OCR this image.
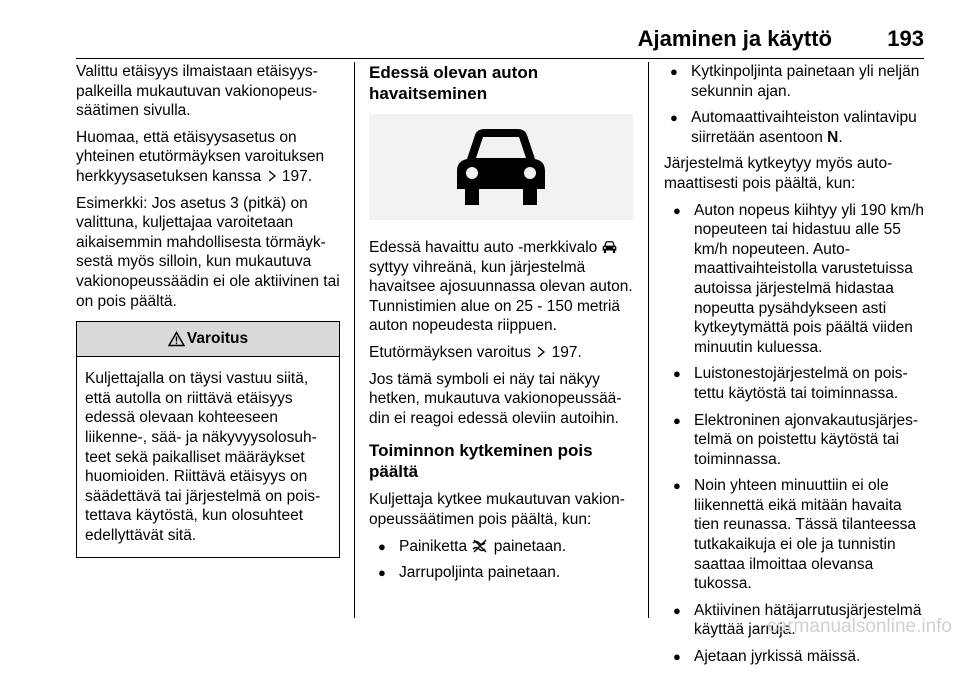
Ajaminen ja käyttö	193

Valittu etäisyys ilmaistaan etäisyyspalkeilla mukautuvan vakionopeussäätimen sivulla.

Huomaa, että etäisyysasetus on yhteinen etutörmäyksen varoituksen herkkyysasetuksen kanssa 197.

Esimerkki: Jos asetus 3 (pitkä) on valittuna, kuljettajaa varoitetaan aikaisemmin mahdollisesta törmäyksestä myös silloin, kun mukautuva vakionopeussäädin ei ole aktiivinen tai on pois päältä.

Varoitus

Kuljettajalla on täysi vastuu siitä, että autolla on riittävä etäisyys edessä olevaan kohteeseen liikenne-, sää- ja näkyvyysolosuhteet sekä paikalliset määräykset huomioiden. Riittävä etäisyys on säädettävä tai järjestelmä on poistettava käytöstä, kun olosuhteet edellyttävät sitä.

Edessä olevan auton havaitseminen

Edessä havaittu auto -merkkivalo  syttyy vihreänä, kun järjestelmä havaitsee ajosuunnassa olevan auton. Tunnistimien alue on 25 - 150 metriä auton nopeudesta riippuen.

Etutörmäyksen varoitus 197.

Jos tämä symboli ei näy tai näkyy hetken, mukautuva vakionopeussäädin ei reagoi edessä oleviin autoihin.

Toiminnon kytkeminen pois päältä

Kuljettaja kytkee mukautuvan vakionopeussäätimen pois päältä, kun:

● Painiketta painetaan.
● Jarrupoljinta painetaan.
● Kytkinpoljinta painetaan yli neljän sekunnin ajan.
● Automaattivaihteiston valintavipu siirretään asentoon N.

Järjestelmä kytkeytyy myös automaattisesti pois päältä, kun:

● Auton nopeus kiihtyy yli 190 km/h nopeuteen tai hidastuu alle 55 km/h nopeuteen. Automaattivaihteistolla varustetuissa autoissa järjestelmä hidastaa nopeutta pysähdykseen asti kytkeytymättä pois päältä viiden minuutin kuluessa.
● Luistonestojärjestelmä on poistettu käytöstä tai toiminnassa.
● Elektroninen ajonvakautusjärjestelmä on poistettu käytöstä tai toiminnassa.
● Noin yhteen minuuttiin ei ole liikennettä eikä mitään havaita tien reunassa. Tässä tilanteessa tutkakaikuja ei ole ja tunnistin saattaa ilmoittaa olevansa tukossa.
● Aktiivinen hätäjarrutusjärjestelmä käyttää jarruja.
● Ajetaan jyrkissä mäissä.
carmanualsonline.info
